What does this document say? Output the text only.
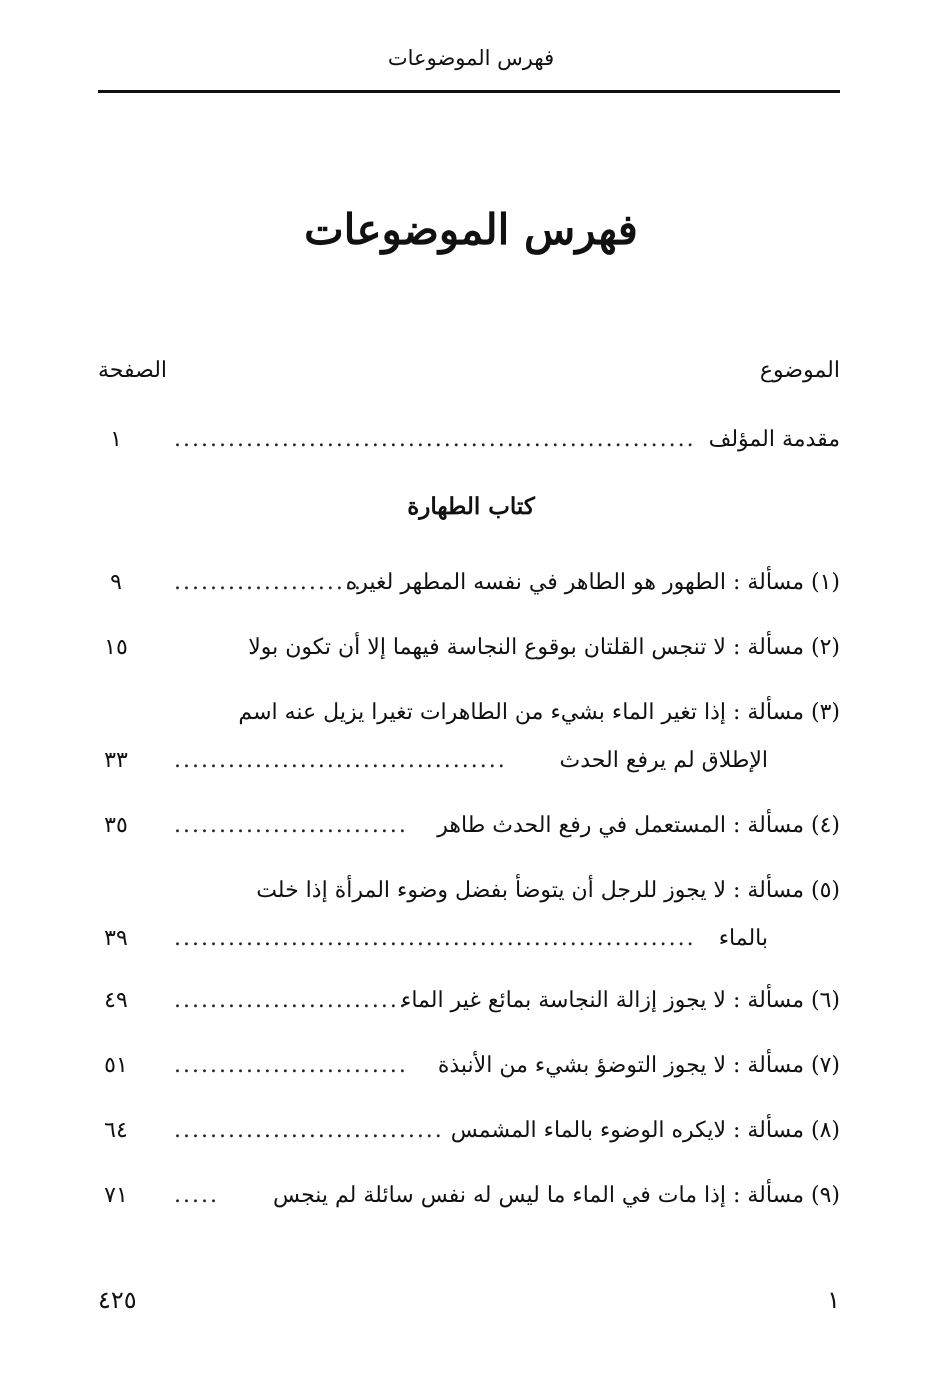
فهرس الموضوعات
فهرس الموضوعات
الموضوع
الصفحة
مقدمة المؤلف
..........................................................
١
كتاب الطهارة
(١) مسألة : الطهور هو الطاهر في نفسه المطهر لغيره
.....................
٩
(٢) مسألة : لا تنجس القلتان بوقوع النجاسة فيهما إلا أن تكون بولا
١٥
(٣) مسألة : إذا تغير الماء بشيء من الطاهرات تغيرا يزيل عنه اسم
الإطلاق لم يرفع الحدث
.....................................
٣٣
(٤) مسألة : المستعمل في رفع الحدث طاهر
..........................
٣٥
(٥) مسألة : لا يجوز للرجل أن يتوضأ بفضل وضوء المرأة إذا خلت
بالماء
..........................................................
٣٩
(٦) مسألة : لا يجوز إزالة النجاسة بمائع غير الماء
..........................
٤٩
(٧) مسألة : لا يجوز التوضؤ بشيء من الأنبذة
..........................
٥١
(٨) مسألة : لايكره الوضوء بالماء المشمس
..............................
٦٤
(٩) مسألة : إذا مات في الماء ما ليس له نفس سائلة لم ينجس
.....
٧١
١
٤٢٥
